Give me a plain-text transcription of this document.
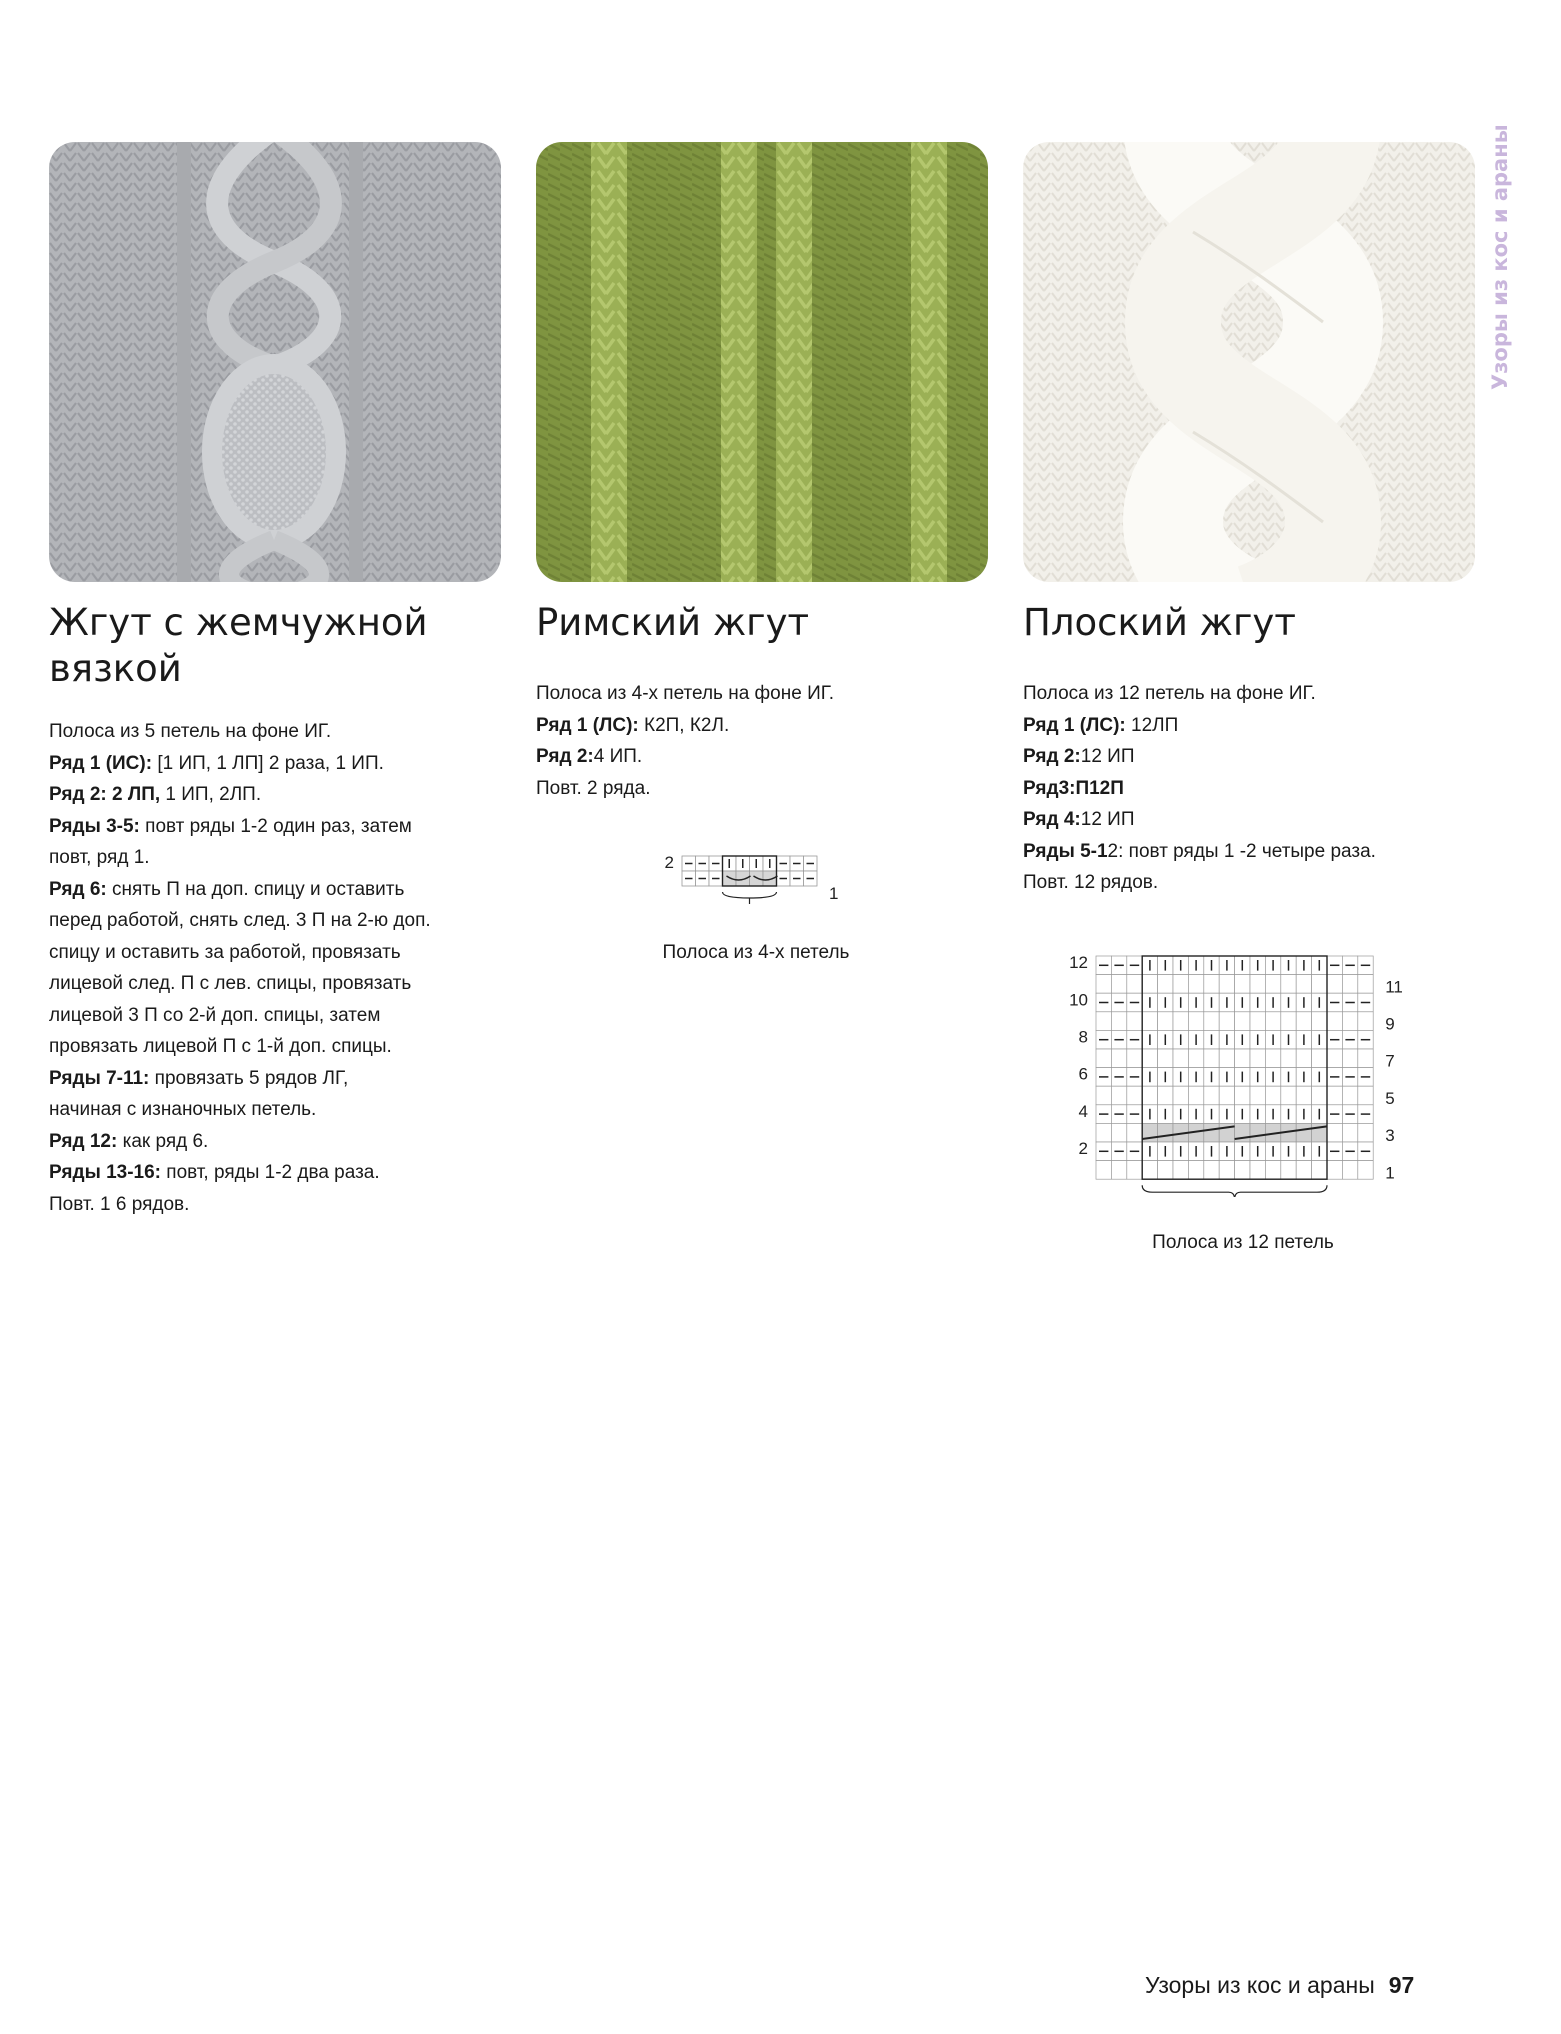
Узоры из кос и араны
Жгут с жемчужной вязкой
Полоса из 5 петель на фоне ИГ.
Ряд 1 (ИС): [1 ИП, 1 ЛП] 2 раза, 1 ИП.
Ряд 2: 2 ЛП, 1 ИП, 2ЛП.
Ряды 3-5: повт ряды 1-2 один раз, затем
повт, ряд 1.
Ряд 6: снять П на доп. спицу и оставить
перед работой, снять след. 3 П на 2-ю доп.
спицу и оставить за работой, провязать
лицевой след. П с лев. спицы, провязать
лицевой 3 П со 2-й доп. спицы, затем
провязать лицевой П с 1-й доп. спицы.
Ряды 7-11: провязать 5 рядов ЛГ,
начиная с изнаночных петель.
Ряд 12: как ряд 6.
Ряды 13-16: повт, ряды 1-2 два раза.
Повт. 1 6 рядов.
Римский жгут
Полоса из 4-х петель на фоне ИГ.
Ряд 1 (ЛС): К2П, К2Л.
Ряд 2:4 ИП.
Повт. 2 ряда.
Плоский жгут
Полоса из 12 петель на фоне ИГ.
Ряд 1 (ЛС): 12ЛП
Ряд 2:12 ИП
Ряд3:П12П
Ряд 4:12 ИП
Ряды 5-12: повт ряды 1 -2 четыре раза.
Повт. 12 рядов.
2
1
Полоса из 4-х петель	12
11
10
9
8
7
6
5
4
3
2
1
Полоса из 12 петель
Узоры из кос и араны 97
